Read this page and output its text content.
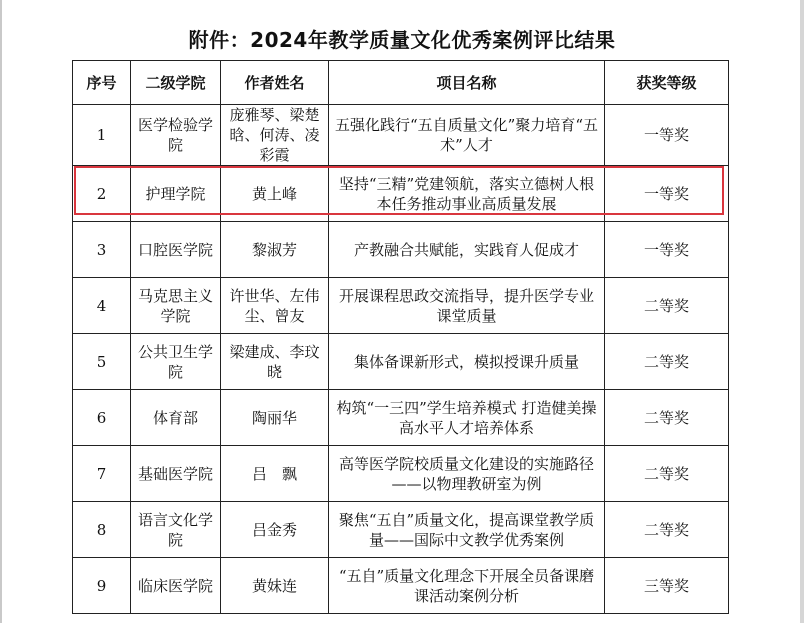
附件：2024年教学质量文化优秀案例评比结果
序号	二级学院	作者姓名	项目名称	获奖等级
1	医学检验学院	庞雅琴、梁楚晗、何涛、凌彩霞	五强化践行“五自质量文化”聚力培育“五术”人才	一等奖
2	护理学院	黄上峰	坚持“三精”党建领航，落实立德树人根本任务推动事业高质量发展	一等奖
3	口腔医学院	黎淑芳	产教融合共赋能，实践育人促成才	一等奖
4	马克思主义学院	许世华、左伟尘、曾友	开展课程思政交流指导，提升医学专业课堂质量	二等奖
5	公共卫生学院	梁建成、李玟晓	集体备课新形式，模拟授课升质量	二等奖
6	体育部	陶丽华	构筑“一三四”学生培养模式 打造健美操高水平人才培养体系	二等奖
7	基础医学院	吕　飘	高等医学院校质量文化建设的实施路径 ——以物理教研室为例	二等奖
8	语言文化学院	吕金秀	聚焦“五自”质量文化，提高课堂教学质量——国际中文教学优秀案例	二等奖
9	临床医学院	黄妹连	“五自”质量文化理念下开展全员备课磨课活动案例分析	三等奖
